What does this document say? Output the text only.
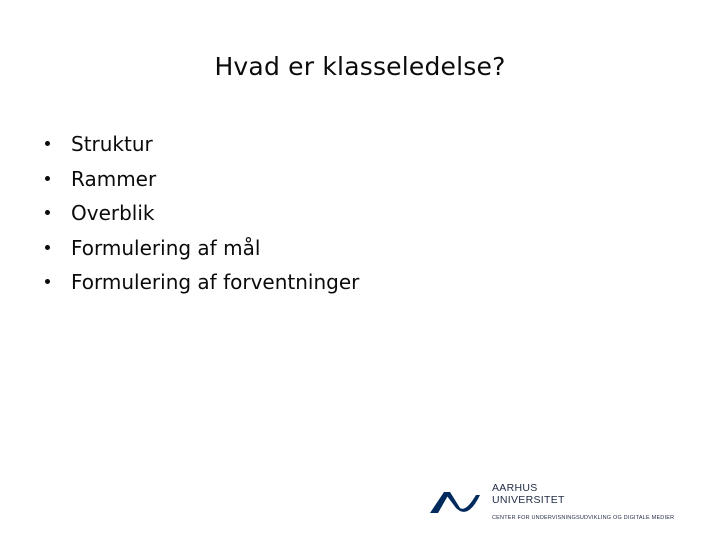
Hvad er klasseledelse?
Struktur
Rammer
Overblik
Formulering af mål
Formulering af forventninger
AARHUS
UNIVERSITET
CENTER FOR UNDERVISNINGSUDVIKLING OG DIGITALE MEDIER
